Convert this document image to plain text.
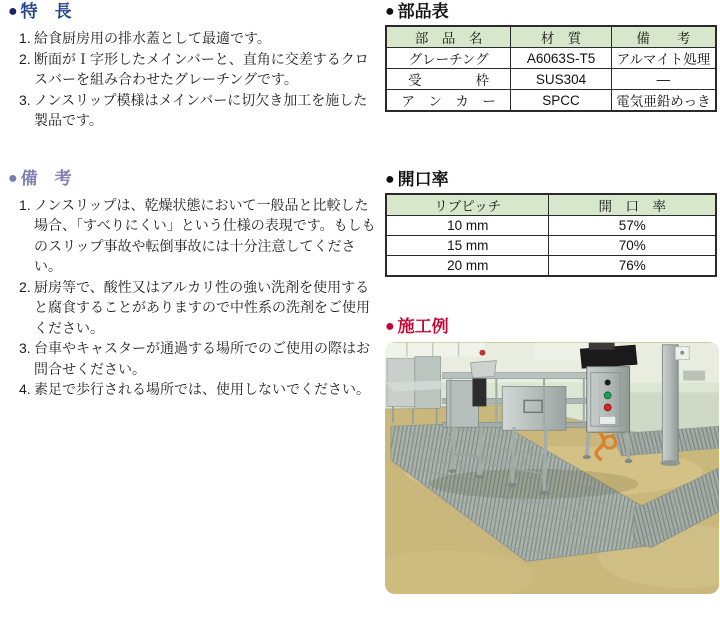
● 特　長
1. 給食厨房用の排水蓋として最適です。
2. 断面がＩ字形したメインバーと、直角に交差するクロスバーを組み合わせたグレーチングです。
3. ノンスリップ模様はメインバーに切欠き加工を施した製品です。
● 備　考
1. ノンスリップは、乾燥状態において一般品と比較した場合、「すべりにくい」という仕様の表現です。もしものスリップ事故や転倒事故には十分注意してください。
2. 厨房等で、酸性又はアルカリ性の強い洗剤を使用すると腐食することがありますので中性系の洗剤をご使用ください。
3. 台車やキャスターが通過する場所でのご使用の際はお問合せください。
4. 素足で歩行される場所では、使用しないでください。
● 部品表
部　品　名	材　質	備　　考
グレーチング	A6063S-T5	アルマイト処理
受　　　　枠	SUS304	―
ア　ン　カ　ー	SPCC	電気亜鉛めっき
● 開口率
リブピッチ	開　口　率
10 mm	57%
15 mm	70%
20 mm	76%
● 施工例
